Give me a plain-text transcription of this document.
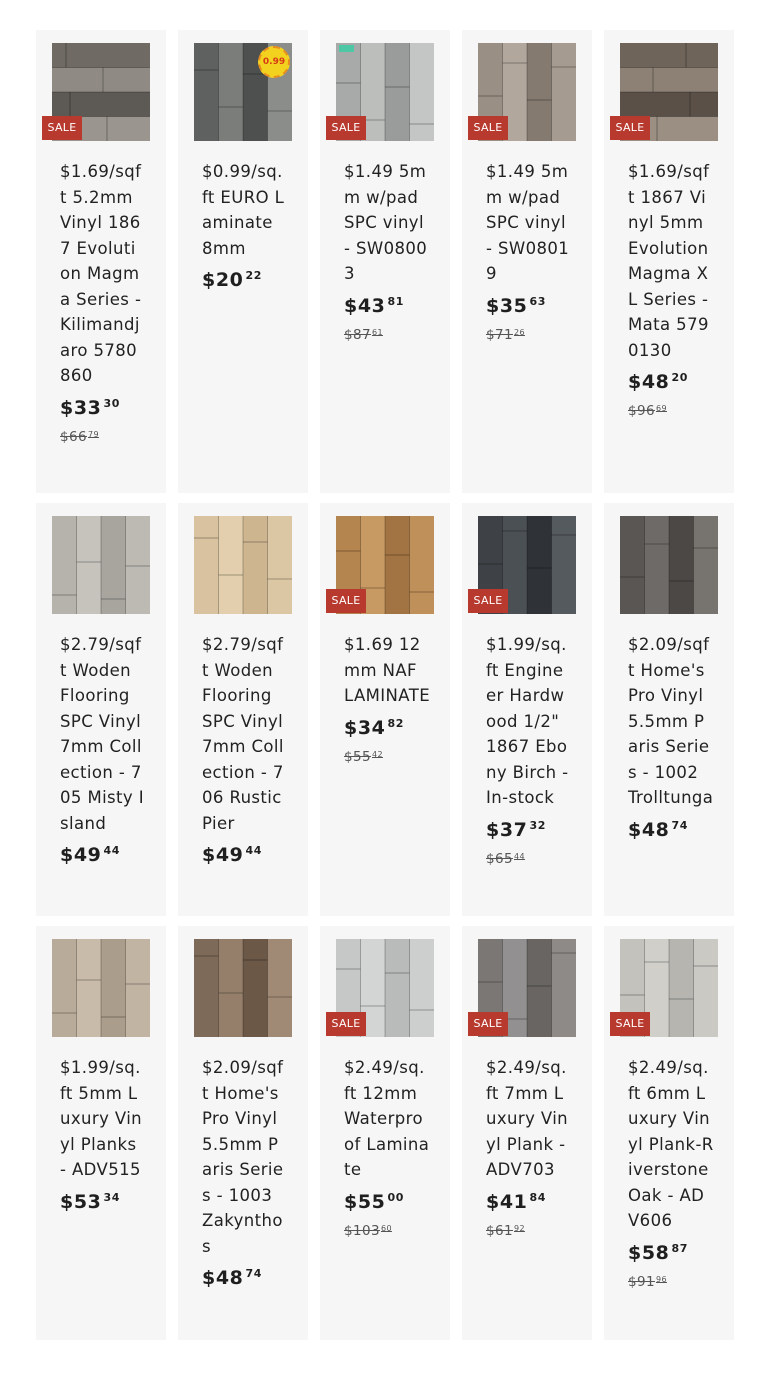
SALE
$1.69/sqft 5.2mm Vinyl 1867 Evolution Magma Series - Kilimandjaro 5780860
$33 $^{30}$
$\$66^{79}$
0.99
$0.99/sq.ft EURO Laminate 8mm
$20 $^{22}$
SALE
$1.49 5mm w/pad SPC vinyl - SW08003
$43 $^{81}$
$\$87^{61}$
SALE
$1.49 5mm w/pad SPC vinyl - SW08019
$35 $^{63}$
$\$71^{26}$
SALE
$1.69/sqft 1867 Vinyl 5mm Evolution Magma XL Series - Mata 5790130
$48 $^{20}$
$\$96^{69}$
$2.79/sqft Woden Flooring SPC Vinyl 7mm Collection - 705 Misty Island
$49 $^{44}$
$2.79/sqft Woden Flooring SPC Vinyl 7mm Collection - 706 Rustic Pier
$49 $^{44}$
SALE
$1.69 12mm NAF LAMINATE
$34 $^{82}$
$\$55^{42}$
SALE
$1.99/sq.ft Engineer Hardwood 1/2" 1867 Ebony Birch - In-stock
$37 $^{32}$
$\$65^{44}$
$2.09/sqft Home's Pro Vinyl 5.5mm Paris Series - 1002 Trolltunga
$48 $^{74}$
$1.99/sq.ft 5mm Luxury Vinyl Planks - ADV515
$53 $^{34}$
$2.09/sqft Home's Pro Vinyl 5.5mm Paris Series - 1003 Zakynthos
$48 $^{74}$
SALE
$2.49/sq.ft 12mm Waterproof Laminate
$55 $^{00}$
$\$103^{60}$
SALE
$2.49/sq.ft 7mm Luxury Vinyl Plank - ADV703
$41 $^{84}$
$\$61^{92}$
SALE
$2.49/sq.ft 6mm Luxury Vinyl Plank-Riverstone Oak - ADV606
$58 $^{87}$
$\$91^{96}$
